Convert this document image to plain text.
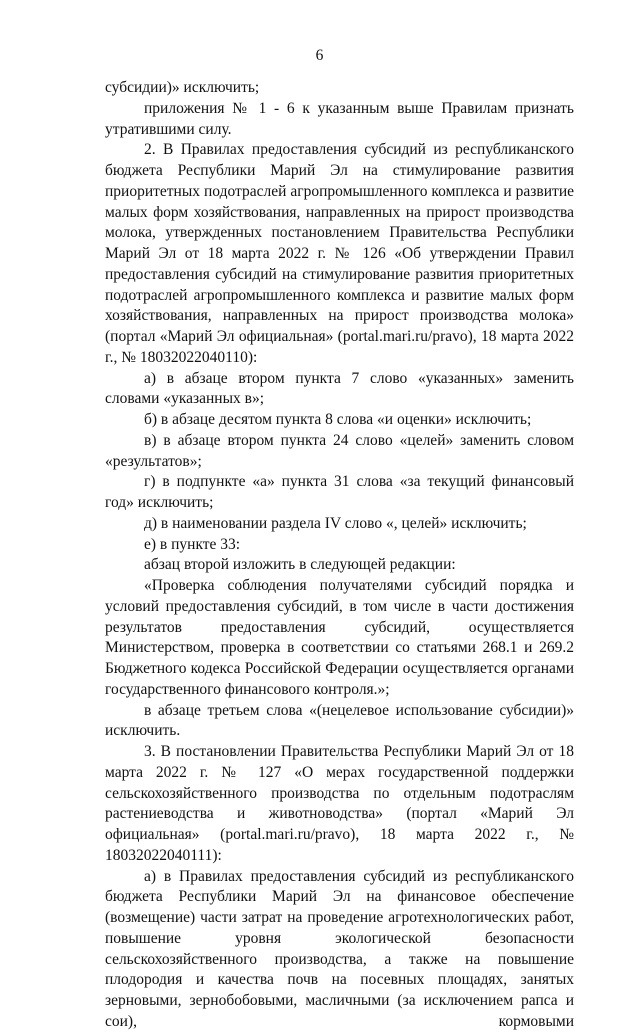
6

субсидии)» исключить;

приложения № 1 - 6 к указанным выше Правилам признать утратившими силу.

2. В Правилах предоставления субсидий из республиканского бюджета Республики Марий Эл на стимулирование развития приоритетных подотраслей агропромышленного комплекса и развитие малых форм хозяйствования, направленных на прирост производства молока, утвержденных постановлением Правительства Республики Марий Эл от 18 марта 2022 г. № 126 «Об утверждении Правил предоставления субсидий на стимулирование развития приоритетных подотраслей агропромышленного комплекса и развитие малых форм хозяйствования, направленных на прирост производства молока» (портал «Марий Эл официальная» (portal.mari.ru/pravo), 18 марта 2022 г., № 18032022040110):

а) в абзаце втором пункта 7 слово «указанных» заменить словами «указанных в»;

б) в абзаце десятом пункта 8 слова «и оценки» исключить;

в) в абзаце втором пункта 24 слово «целей» заменить словом «результатов»;

г) в подпункте «а» пункта 31 слова «за текущий финансовый год» исключить;

д) в наименовании раздела IV слово «, целей» исключить;

е) в пункте 33:

абзац второй изложить в следующей редакции:

«Проверка соблюдения получателями субсидий порядка и условий предоставления субсидий, в том числе в части достижения результатов предоставления субсидий, осуществляется Министерством, проверка в соответствии со статьями 268.1 и 269.2 Бюджетного кодекса Российской Федерации осуществляется органами государственного финансового контроля.»;

в абзаце третьем слова «(нецелевое использование субсидии)» исключить.

3. В постановлении Правительства Республики Марий Эл от 18 марта 2022 г. № 127 «О мерах государственной поддержки сельскохозяйственного производства по отдельным подотраслям растениеводства и животноводства» (портал «Марий Эл официальная» (portal.mari.ru/pravo), 18 марта 2022 г., № 18032022040111):

а) в Правилах предоставления субсидий из республиканского бюджета Республики Марий Эл на финансовое обеспечение (возмещение) части затрат на проведение агротехнологических работ, повышение уровня экологической безопасности сельскохозяйственного производства, а также на повышение плодородия и качества почв на посевных площадях, занятых зерновыми, зернобобовыми, масличными (за исключением рапса и сои), кормовыми
